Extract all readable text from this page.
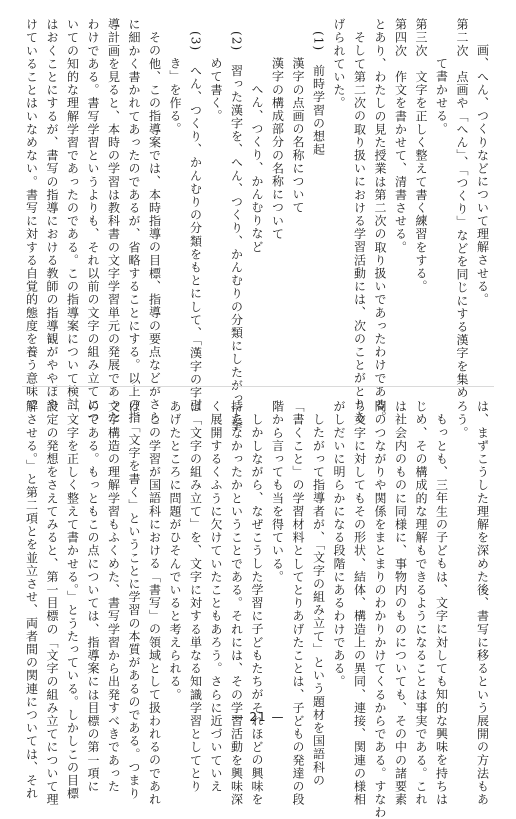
画、へん、つくりなどについて理解させる。
第二次　点画や「へん」、「つくり」などを同じにする漢字を集め
て書かせる。
第三次　文字を正しく整えて書く練習をする。
第四次　作文を書かせて、清書させる。
とあり、わたしの見た授業は第二次の取り扱いであったわけである。
そして第二次の取り扱いにおける学習活動には、次のことがとりあ
げられていた。
(1)　前時学習の想起
漢字の点画の名称について
漢字の構成部分の名称について
へん、つくり、かんむりなど
(2)　習った漢字を、へん、つくり、かんむりの分類にしたがって拳
めて書く。
(3)　へん、つくり、かんむりの分類をもとにして、「漢字の字引
き」を作る。
その他、この指導案では、本時指導の目標、指導の要点などがさら
に細かく書かれてあったのであるが、省略することにする。以上の指
導計画を見ると、本時の学習は教科書の文字学習単元の発展であった
わけである。書写学習というよりも、それ以前の文字の組み立てにつ
いての知的な理解学習であったのである。この指導案について検討
はおくことにするが、書写の指導における教師の指導観がややぼや
けていることはいなめない。書写に対する自覚的態度を養う意味で
は、まずこうした理解を深めた後、書写に移るという展開の方法もあ
ろう。
もっとも、三年生の子どもは、文字に対しても知的な興味を持ちは
じめ、その構成的な理解もできるようになることは事実である。これ
は社会内のものに同様に、事物内のものについても、その中の諸要素
間のつながりや関係をまとまりのわかりかけてくるからである。すなわ
ち文字に対してもその形状、結体、構造上の異同、連接、関連の様相
がしだいに明らかになる段階にあるわけである。
したがって指導者が、「文字の組み立て」という題材を国語科の
「書くこと」の学習材料としてとりあげたことは、子どもの発達の段
階から言っても当を得ている。
しかしながら、なぜこうした学習に子どもたちがそれほどの興味を
持たなかったかということである。それには、その学習活動を興味深
く展開するくふうに欠けていたこともあろう。さらに近づいていえ
ば「文字の組み立て」を、文字に対する単なる知識学習としてとり
あげたところに問題がひそんでいると考えられる。
この学習が国語科における「書写」の領域として扱われるのであれ
ば、「文字を書く」ということに学習の本質があるのである。つまり
文字構造の理解学習もふくめた、書写学習から出発すべきであった
のである。もっともこの点については、指導案には目標の第一項に
「文字を正しく整えて書かせる。」とうたっている。しかしこの目標
設定の発想をさえてみると、第一目標の「文字の組み立てについて理
解させる。」と第二項とを並立させ、両者間の関連については、それ	— 21 —
